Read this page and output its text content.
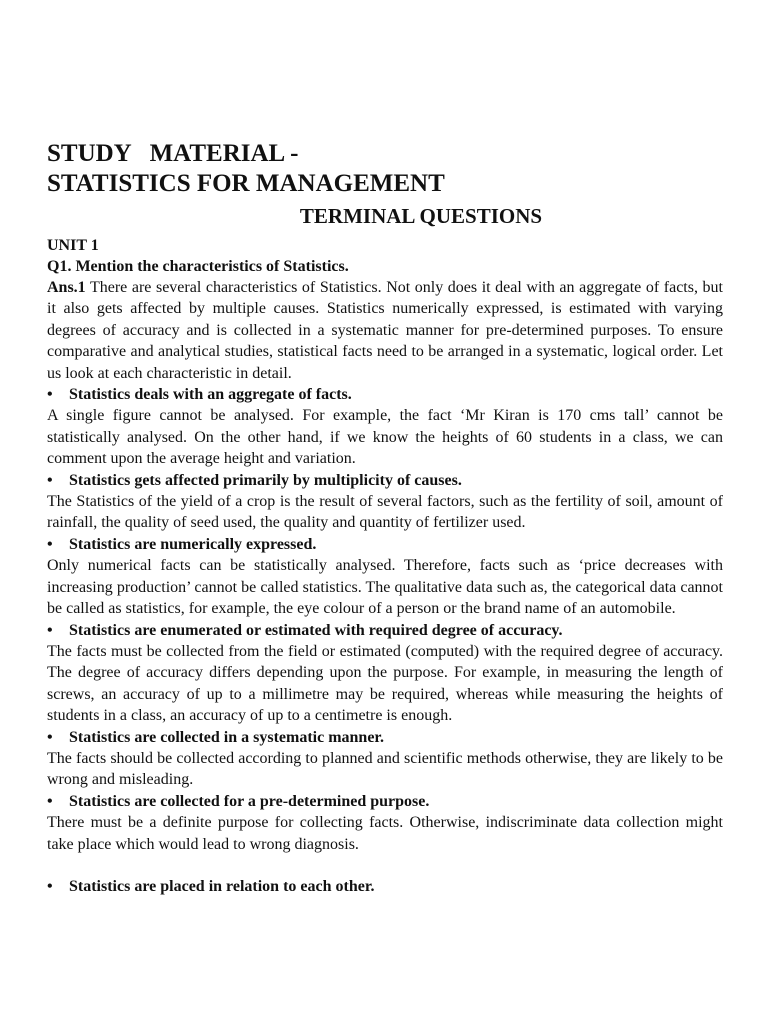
STUDY   MATERIAL -
STATISTICS FOR MANAGEMENT
TERMINAL QUESTIONS
UNIT 1
Q1. Mention the characteristics of Statistics.

Ans.1 There are several characteristics of Statistics. Not only does it deal with an aggregate of facts, but it also gets affected by multiple causes. Statistics numerically expressed, is estimated with varying degrees of accuracy and is collected in a systematic manner for pre-determined purposes. To ensure comparative and analytical studies, statistical facts need to be arranged in a systematic, logical order. Let us look at each characteristic in detail.

•	Statistics deals with an aggregate of facts.

A single figure cannot be analysed. For example, the fact ‘Mr Kiran is 170 cms tall’ cannot be statistically analysed. On the other hand, if we know the heights of 60 students in a class, we can comment upon the average height and variation.

•	Statistics gets affected primarily by multiplicity of causes.

The Statistics of the yield of a crop is the result of several factors, such as the fertility of soil, amount of rainfall, the quality of seed used, the quality and quantity of fertilizer used.

•	Statistics are numerically expressed.

Only numerical facts can be statistically analysed. Therefore, facts such as ‘price decreases with increasing production’ cannot be called statistics. The qualitative data such as, the categorical data cannot be called as statistics, for example, the eye colour of a person or the brand name of an automobile.

•	Statistics are enumerated or estimated with required degree of accuracy.

The facts must be collected from the field or estimated (computed) with the required degree of accuracy. The degree of accuracy differs depending upon the purpose. For example, in measuring the length of screws, an accuracy of up to a millimetre may be required, whereas while measuring the heights of students in a class, an accuracy of up to a centimetre is enough.

•	Statistics are collected in a systematic manner.

The facts should be collected according to planned and scientific methods otherwise, they are likely to be wrong and misleading.

•	Statistics are collected for a pre-determined purpose.

There must be a definite purpose for collecting facts. Otherwise, indiscriminate data collection might take place which would lead to wrong diagnosis.

•	Statistics are placed in relation to each other.
